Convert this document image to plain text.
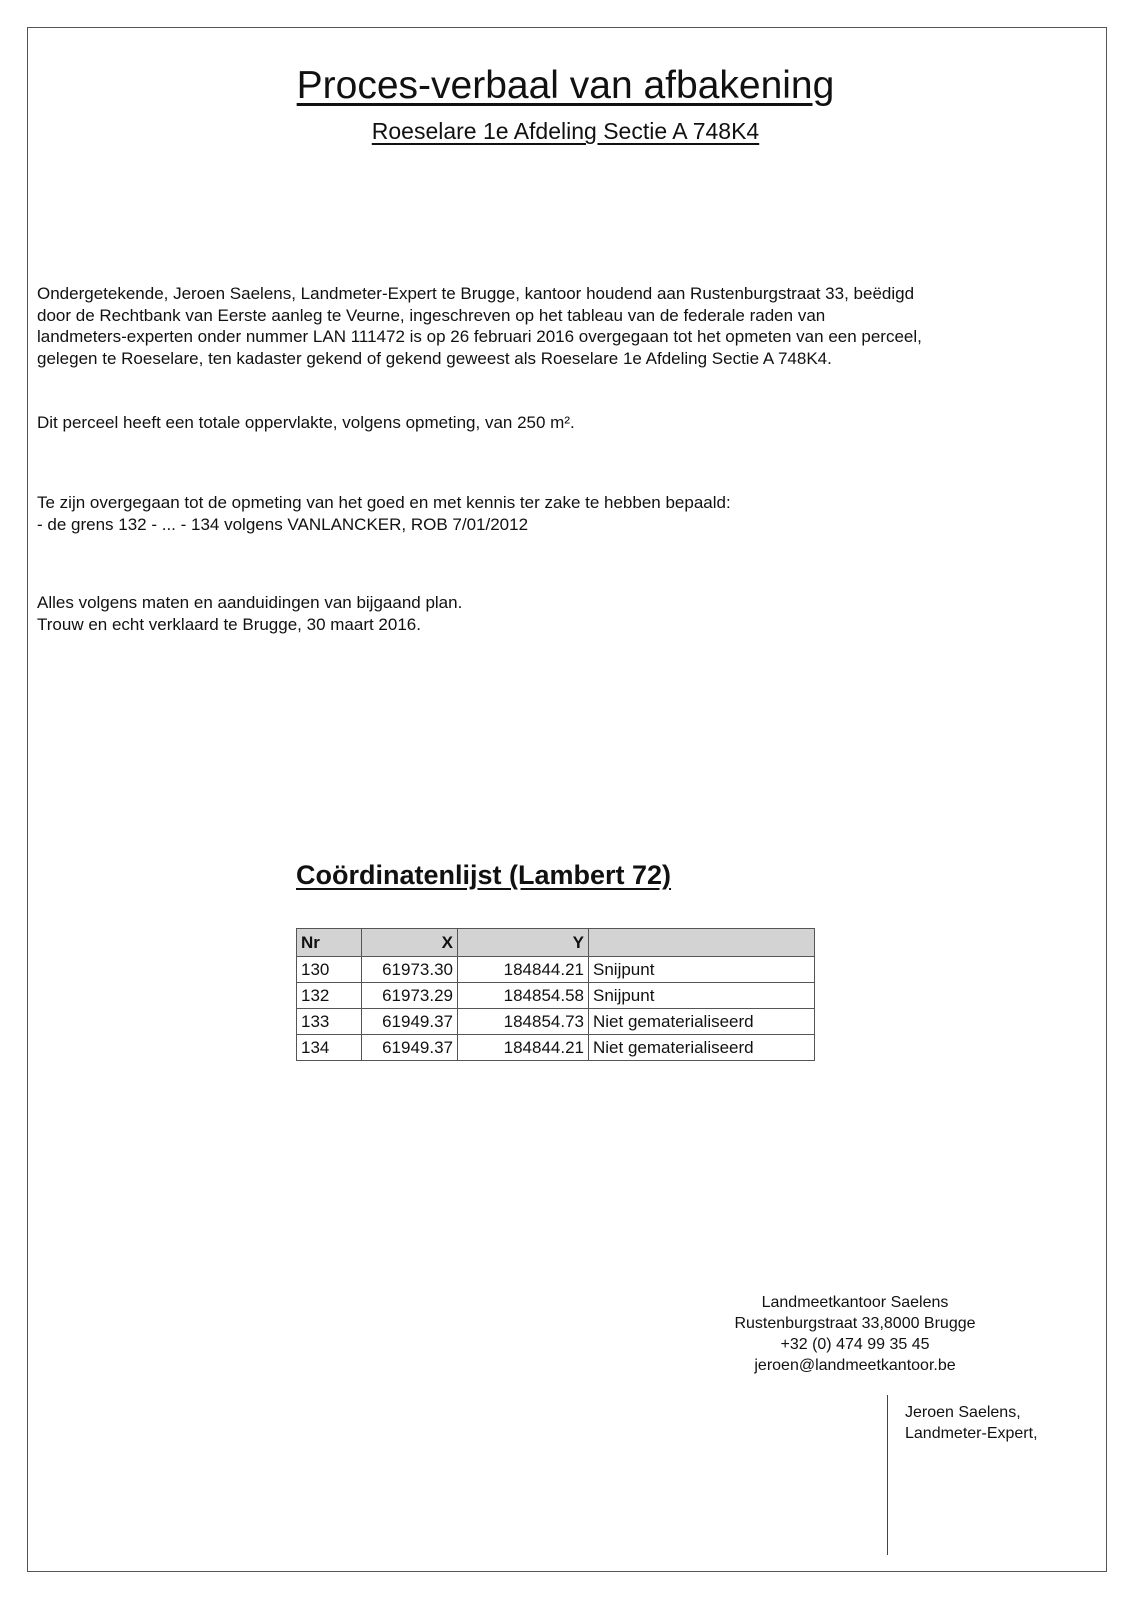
Proces-verbaal van afbakening
Roeselare 1e Afdeling Sectie A 748K4
Ondergetekende, Jeroen Saelens, Landmeter-Expert te Brugge, kantoor houdend aan Rustenburgstraat 33, beëdigd
door de Rechtbank van Eerste aanleg te Veurne, ingeschreven op het tableau van de federale raden van
landmeters-experten onder nummer LAN 111472 is op 26 februari 2016 overgegaan tot het opmeten van een perceel,
gelegen te Roeselare, ten kadaster gekend of gekend geweest als Roeselare 1e Afdeling Sectie A 748K4.
Dit perceel heeft een totale oppervlakte, volgens opmeting, van 250 m².
Te zijn overgegaan tot de opmeting van het goed en met kennis ter zake te hebben bepaald:
- de grens 132 - ... - 134 volgens VANLANCKER, ROB 7/01/2012
Alles volgens maten en aanduidingen van bijgaand plan.
Trouw en echt verklaard te Brugge, 30 maart 2016.
Coördinatenlijst (Lambert 72)
Nr	X	Y	
130	61973.30	184844.21	Snijpunt
132	61973.29	184854.58	Snijpunt
133	61949.37	184854.73	Niet gematerialiseerd
134	61949.37	184844.21	Niet gematerialiseerd
Landmeetkantoor Saelens
Rustenburgstraat 33,8000 Brugge
+32 (0) 474 99 35 45
jeroen@landmeetkantoor.be
Jeroen Saelens,
Landmeter-Expert,
